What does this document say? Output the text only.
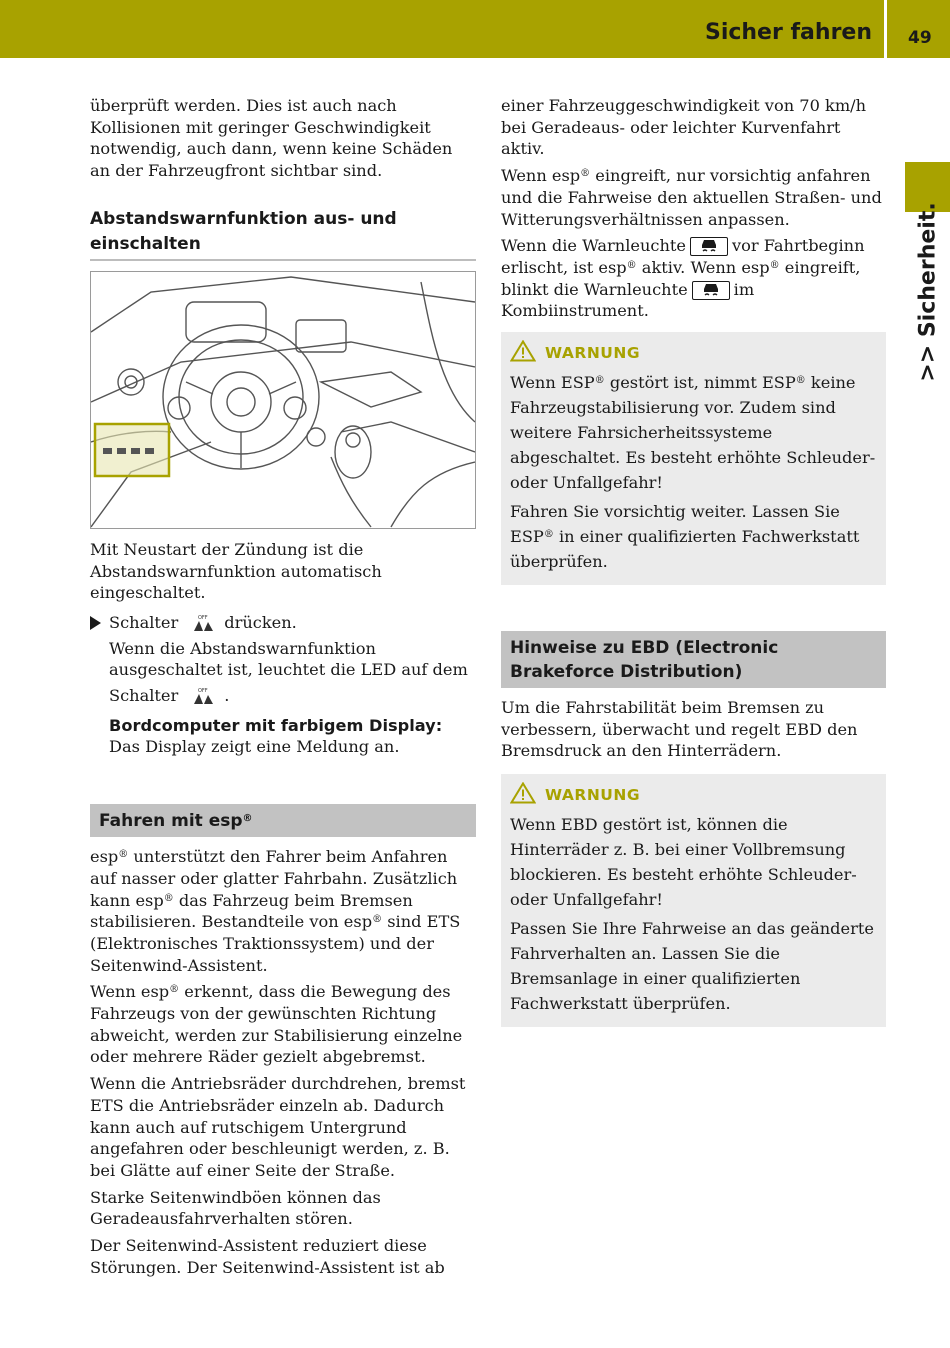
Sicher fahren 49
>> Sicherheit.

überprüft werden. Dies ist auch nach Kollisionen mit geringer Geschwindigkeit notwendig, auch dann, wenn keine Schäden an der Fahrzeugfront sichtbar sind.

Abstandswarnfunktion aus- und einschalten

Mit Neustart der Zündung ist die Abstandswarnfunktion automatisch eingeschaltet.

Schalter	OFF drücken.
Wenn die Abstandswarnfunktion ausgeschaltet ist, leuchtet die LED auf dem
Schalter	OFF .
Bordcomputer mit farbigem Display: Das Display zeigt eine Meldung an.
Fahren mit esp®

esp® unterstützt den Fahrer beim Anfahren auf nasser oder glatter Fahrbahn. Zusätzlich kann esp® das Fahrzeug beim Bremsen stabilisieren. Bestandteile von esp® sind ETS (Elektronisches Traktionssystem) und der Seitenwind-Assistent.

Wenn esp® erkennt, dass die Bewegung des Fahrzeugs von der gewünschten Richtung abweicht, werden zur Stabilisierung einzelne oder mehrere Räder gezielt abgebremst.

Wenn die Antriebsräder durchdrehen, bremst ETS die Antriebsräder einzeln ab. Dadurch kann auch auf rutschigem Untergrund angefahren oder beschleunigt werden, z. B. bei Glätte auf einer Seite der Straße.

Starke Seitenwindböen können das Geradeausfahrverhalten stören.

Der Seitenwind-Assistent reduziert diese Störungen. Der Seitenwind-Assistent ist ab

einer Fahrzeuggeschwindigkeit von 70 km/h bei Geradeaus- oder leichter Kurvenfahrt aktiv.

Wenn esp® eingreift, nur vorsichtig anfahren und die Fahrweise den aktuellen Straßen- und Witterungsverhältnissen anpassen.

Wenn die Warnleuchte	vor Fahrtbeginn erlischt, ist esp® aktiv. Wenn esp® eingreift, blinkt die Warnleuchte	im Kombiinstrument.

WARNUNG

Wenn ESP® gestört ist, nimmt ESP® keine Fahrzeugstabilisierung vor. Zudem sind weitere Fahrsicherheitssysteme abgeschaltet. Es besteht erhöhte Schleuder- oder Unfallgefahr!

Fahren Sie vorsichtig weiter. Lassen Sie ESP® in einer qualifizierten Fachwerkstatt überprüfen.

Hinweise zu EBD (Electronic Brakeforce Distribution)

Um die Fahrstabilität beim Bremsen zu verbessern, überwacht und regelt EBD den Bremsdruck an den Hinterrädern.

WARNUNG

Wenn EBD gestört ist, können die Hinterräder z. B. bei einer Vollbremsung blockieren. Es besteht erhöhte Schleuder- oder Unfallgefahr!

Passen Sie Ihre Fahrweise an das geänderte Fahrverhalten an. Lassen Sie die Bremsanlage in einer qualifizierten Fachwerkstatt überprüfen.
